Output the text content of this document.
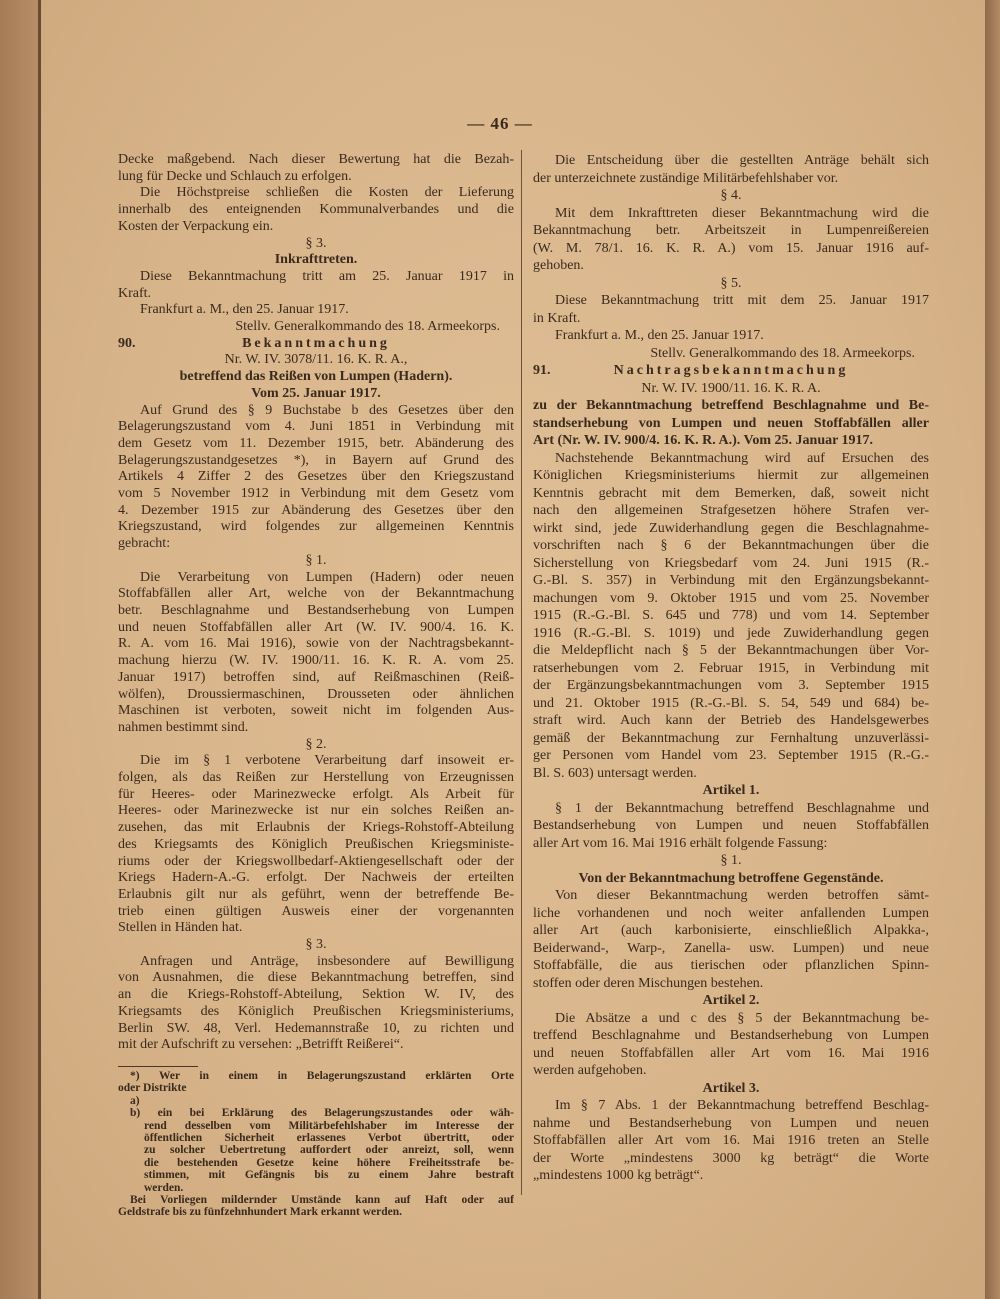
— 46 —
Decke maßgebend. Nach dieser Bewertung hat die Bezah-
lung für Decke und Schlauch zu erfolgen.
Die Höchstpreise schließen die Kosten der Lieferung
innerhalb des enteignenden Kommunalverbandes und die
Kosten der Verpackung ein.
§ 3.
Inkrafttreten.
Diese Bekanntmachung tritt am 25. Januar 1917 in
Kraft.
Frankfurt a. M., den 25. Januar 1917.
Stellv. Generalkommando des 18. Armeekorps.
90.	Bekanntmachung
Nr. W. IV. 3078/11. 16. K. R. A.,
betreffend das Reißen von Lumpen (Hadern).
Vom 25. Januar 1917.
Auf Grund des § 9 Buchstabe b des Gesetzes über den
Belagerungszustand vom 4. Juni 1851 in Verbindung mit
dem Gesetz vom 11. Dezember 1915, betr. Abänderung des
Belagerungszustandgesetzes *), in Bayern auf Grund des
Artikels 4 Ziffer 2 des Gesetzes über den Kriegszustand
vom 5 November 1912 in Verbindung mit dem Gesetz vom
4. Dezember 1915 zur Abänderung des Gesetzes über den
Kriegszustand, wird folgendes zur allgemeinen Kenntnis
gebracht:
§ 1.
Die Verarbeitung von Lumpen (Hadern) oder neuen
Stoffabfällen aller Art, welche von der Bekanntmachung
betr. Beschlagnahme und Bestandserhebung von Lumpen
und neuen Stoffabfällen aller Art (W. IV. 900/4. 16. K.
R. A. vom 16. Mai 1916), sowie von der Nachtragsbekannt-
machung hierzu (W. IV. 1900/11. 16. K. R. A. vom 25.
Januar 1917) betroffen sind, auf Reißmaschinen (Reiß-
wölfen), Droussiermaschinen, Drousseten oder ähnlichen
Maschinen ist verboten, soweit nicht im folgenden Aus-
nahmen bestimmt sind.
§ 2.
Die im § 1 verbotene Verarbeitung darf insoweit er-
folgen, als das Reißen zur Herstellung von Erzeugnissen
für Heeres- oder Marinezwecke erfolgt. Als Arbeit für
Heeres- oder Marinezwecke ist nur ein solches Reißen an-
zusehen, das mit Erlaubnis der Kriegs-Rohstoff-Abteilung
des Kriegsamts des Königlich Preußischen Kriegsministe-
riums oder der Kriegswollbedarf-Aktiengesellschaft oder der
Kriegs Hadern-A.-G. erfolgt. Der Nachweis der erteilten
Erlaubnis gilt nur als geführt, wenn der betreffende Be-
trieb einen gültigen Ausweis einer der vorgenannten
Stellen in Händen hat.
§ 3.
Anfragen und Anträge, insbesondere auf Bewilligung
von Ausnahmen, die diese Bekanntmachung betreffen, sind
an die Kriegs-Rohstoff-Abteilung, Sektion W. IV, des
Kriegsamts des Königlich Preußischen Kriegsministeriums,
Berlin SW. 48, Verl. Hedemannstraße 10, zu richten und
mit der Aufschrift zu versehen: „Betrifft Reißerei“.
*) Wer in einem in Belagerungszustand erklärten Orte
oder Distrikte
a)
b) ein bei Erklärung des Belagerungszustandes oder wäh-
rend desselben vom Militärbefehlshaber im Interesse der
öffentlichen Sicherheit erlassenes Verbot übertritt, oder
zu solcher Uebertretung auffordert oder anreizt, soll, wenn
die bestehenden Gesetze keine höhere Freiheitsstrafe be-
stimmen, mit Gefängnis bis zu einem Jahre bestraft
werden.
Bei Vorliegen mildernder Umstände kann auf Haft oder auf
Geldstrafe bis zu fünfzehnhundert Mark erkannt werden.
Die Entscheidung über die gestellten Anträge behält sich
der unterzeichnete zuständige Militärbefehlshaber vor.
§ 4.
Mit dem Inkrafttreten dieser Bekanntmachung wird die
Bekanntmachung betr. Arbeitszeit in Lumpenreißereien
(W. M. 78/1. 16. K. R. A.) vom 15. Januar 1916 auf-
gehoben.
§ 5.
Diese Bekanntmachung tritt mit dem 25. Januar 1917
in Kraft.
Frankfurt a. M., den 25. Januar 1917.
Stellv. Generalkommando des 18. Armeekorps.
91.	Nachtragsbekanntmachung
Nr. W. IV. 1900/11. 16. K. R. A.
zu der Bekanntmachung betreffend Beschlagnahme und Be-
standserhebung von Lumpen und neuen Stoffabfällen aller
Art (Nr. W. IV. 900/4. 16. K. R. A.). Vom 25. Januar 1917.
Nachstehende Bekanntmachung wird auf Ersuchen des
Königlichen Kriegsministeriums hiermit zur allgemeinen
Kenntnis gebracht mit dem Bemerken, daß, soweit nicht
nach den allgemeinen Strafgesetzen höhere Strafen ver-
wirkt sind, jede Zuwiderhandlung gegen die Beschlagnahme-
vorschriften nach § 6 der Bekanntmachungen über die
Sicherstellung von Kriegsbedarf vom 24. Juni 1915 (R.-
G.-Bl. S. 357) in Verbindung mit den Ergänzungsbekannt-
machungen vom 9. Oktober 1915 und vom 25. November
1915 (R.-G.-Bl. S. 645 und 778) und vom 14. September
1916 (R.-G.-Bl. S. 1019) und jede Zuwiderhandlung gegen
die Meldepflicht nach § 5 der Bekanntmachungen über Vor-
ratserhebungen vom 2. Februar 1915, in Verbindung mit
der Ergänzungsbekanntmachungen vom 3. September 1915
und 21. Oktober 1915 (R.-G.-Bl. S. 54, 549 und 684) be-
straft wird. Auch kann der Betrieb des Handelsgewerbes
gemäß der Bekanntmachung zur Fernhaltung unzuverlässi-
ger Personen vom Handel vom 23. September 1915 (R.-G.-
Bl. S. 603) untersagt werden.
Artikel 1.
§ 1 der Bekanntmachung betreffend Beschlagnahme und
Bestandserhebung von Lumpen und neuen Stoffabfällen
aller Art vom 16. Mai 1916 erhält folgende Fassung:
§ 1.
Von der Bekanntmachung betroffene Gegenstände.
Von dieser Bekanntmachung werden betroffen sämt-
liche vorhandenen und noch weiter anfallenden Lumpen
aller Art (auch karbonisierte, einschließlich Alpakka-,
Beiderwand-, Warp-, Zanella- usw. Lumpen) und neue
Stoffabfälle, die aus tierischen oder pflanzlichen Spinn-
stoffen oder deren Mischungen bestehen.
Artikel 2.
Die Absätze a und c des § 5 der Bekanntmachung be-
treffend Beschlagnahme und Bestandserhebung von Lumpen
und neuen Stoffabfällen aller Art vom 16. Mai 1916
werden aufgehoben.
Artikel 3.
Im § 7 Abs. 1 der Bekanntmachung betreffend Beschlag-
nahme und Bestandserhebung von Lumpen und neuen
Stoffabfällen aller Art vom 16. Mai 1916 treten an Stelle
der Worte „mindestens 3000 kg beträgt“ die Worte
„mindestens 1000 kg beträgt“.
